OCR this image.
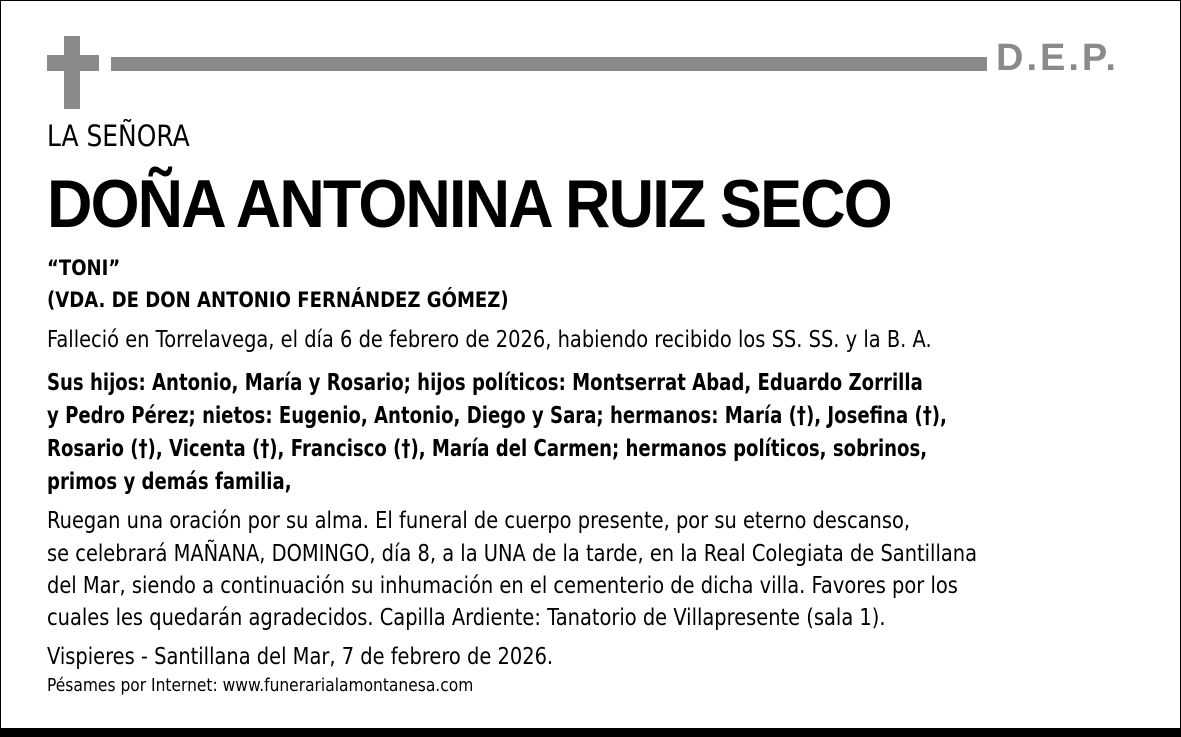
D.E.P.
LA SEÑORA
DOÑA ANTONINA RUIZ SECO
“TONI”
(VDA. DE DON ANTONIO FERNÁNDEZ GÓMEZ)
Falleció en Torrelavega, el día 6 de febrero de 2026, habiendo recibido los SS. SS. y la B. A.
Sus hijos: Antonio, María y Rosario; hijos políticos: Montserrat Abad, Eduardo Zorrilla
y Pedro Pérez; nietos: Eugenio, Antonio, Diego y Sara; hermanos: María (†), Josefina (†),
Rosario (†), Vicenta (†), Francisco (†), María del Carmen; hermanos políticos, sobrinos,
primos y demás familia,
Ruegan una oración por su alma. El funeral de cuerpo presente, por su eterno descanso,
se celebrará MAÑANA, DOMINGO, día 8, a la UNA de la tarde, en la Real Colegiata de Santillana
del Mar, siendo a continuación su inhumación en el cementerio de dicha villa. Favores por los
cuales les quedarán agradecidos. Capilla Ardiente: Tanatorio de Villapresente (sala 1).
Vispieres - Santillana del Mar, 7 de febrero de 2026.
Pésames por Internet: www.funerarialamontanesa.com
